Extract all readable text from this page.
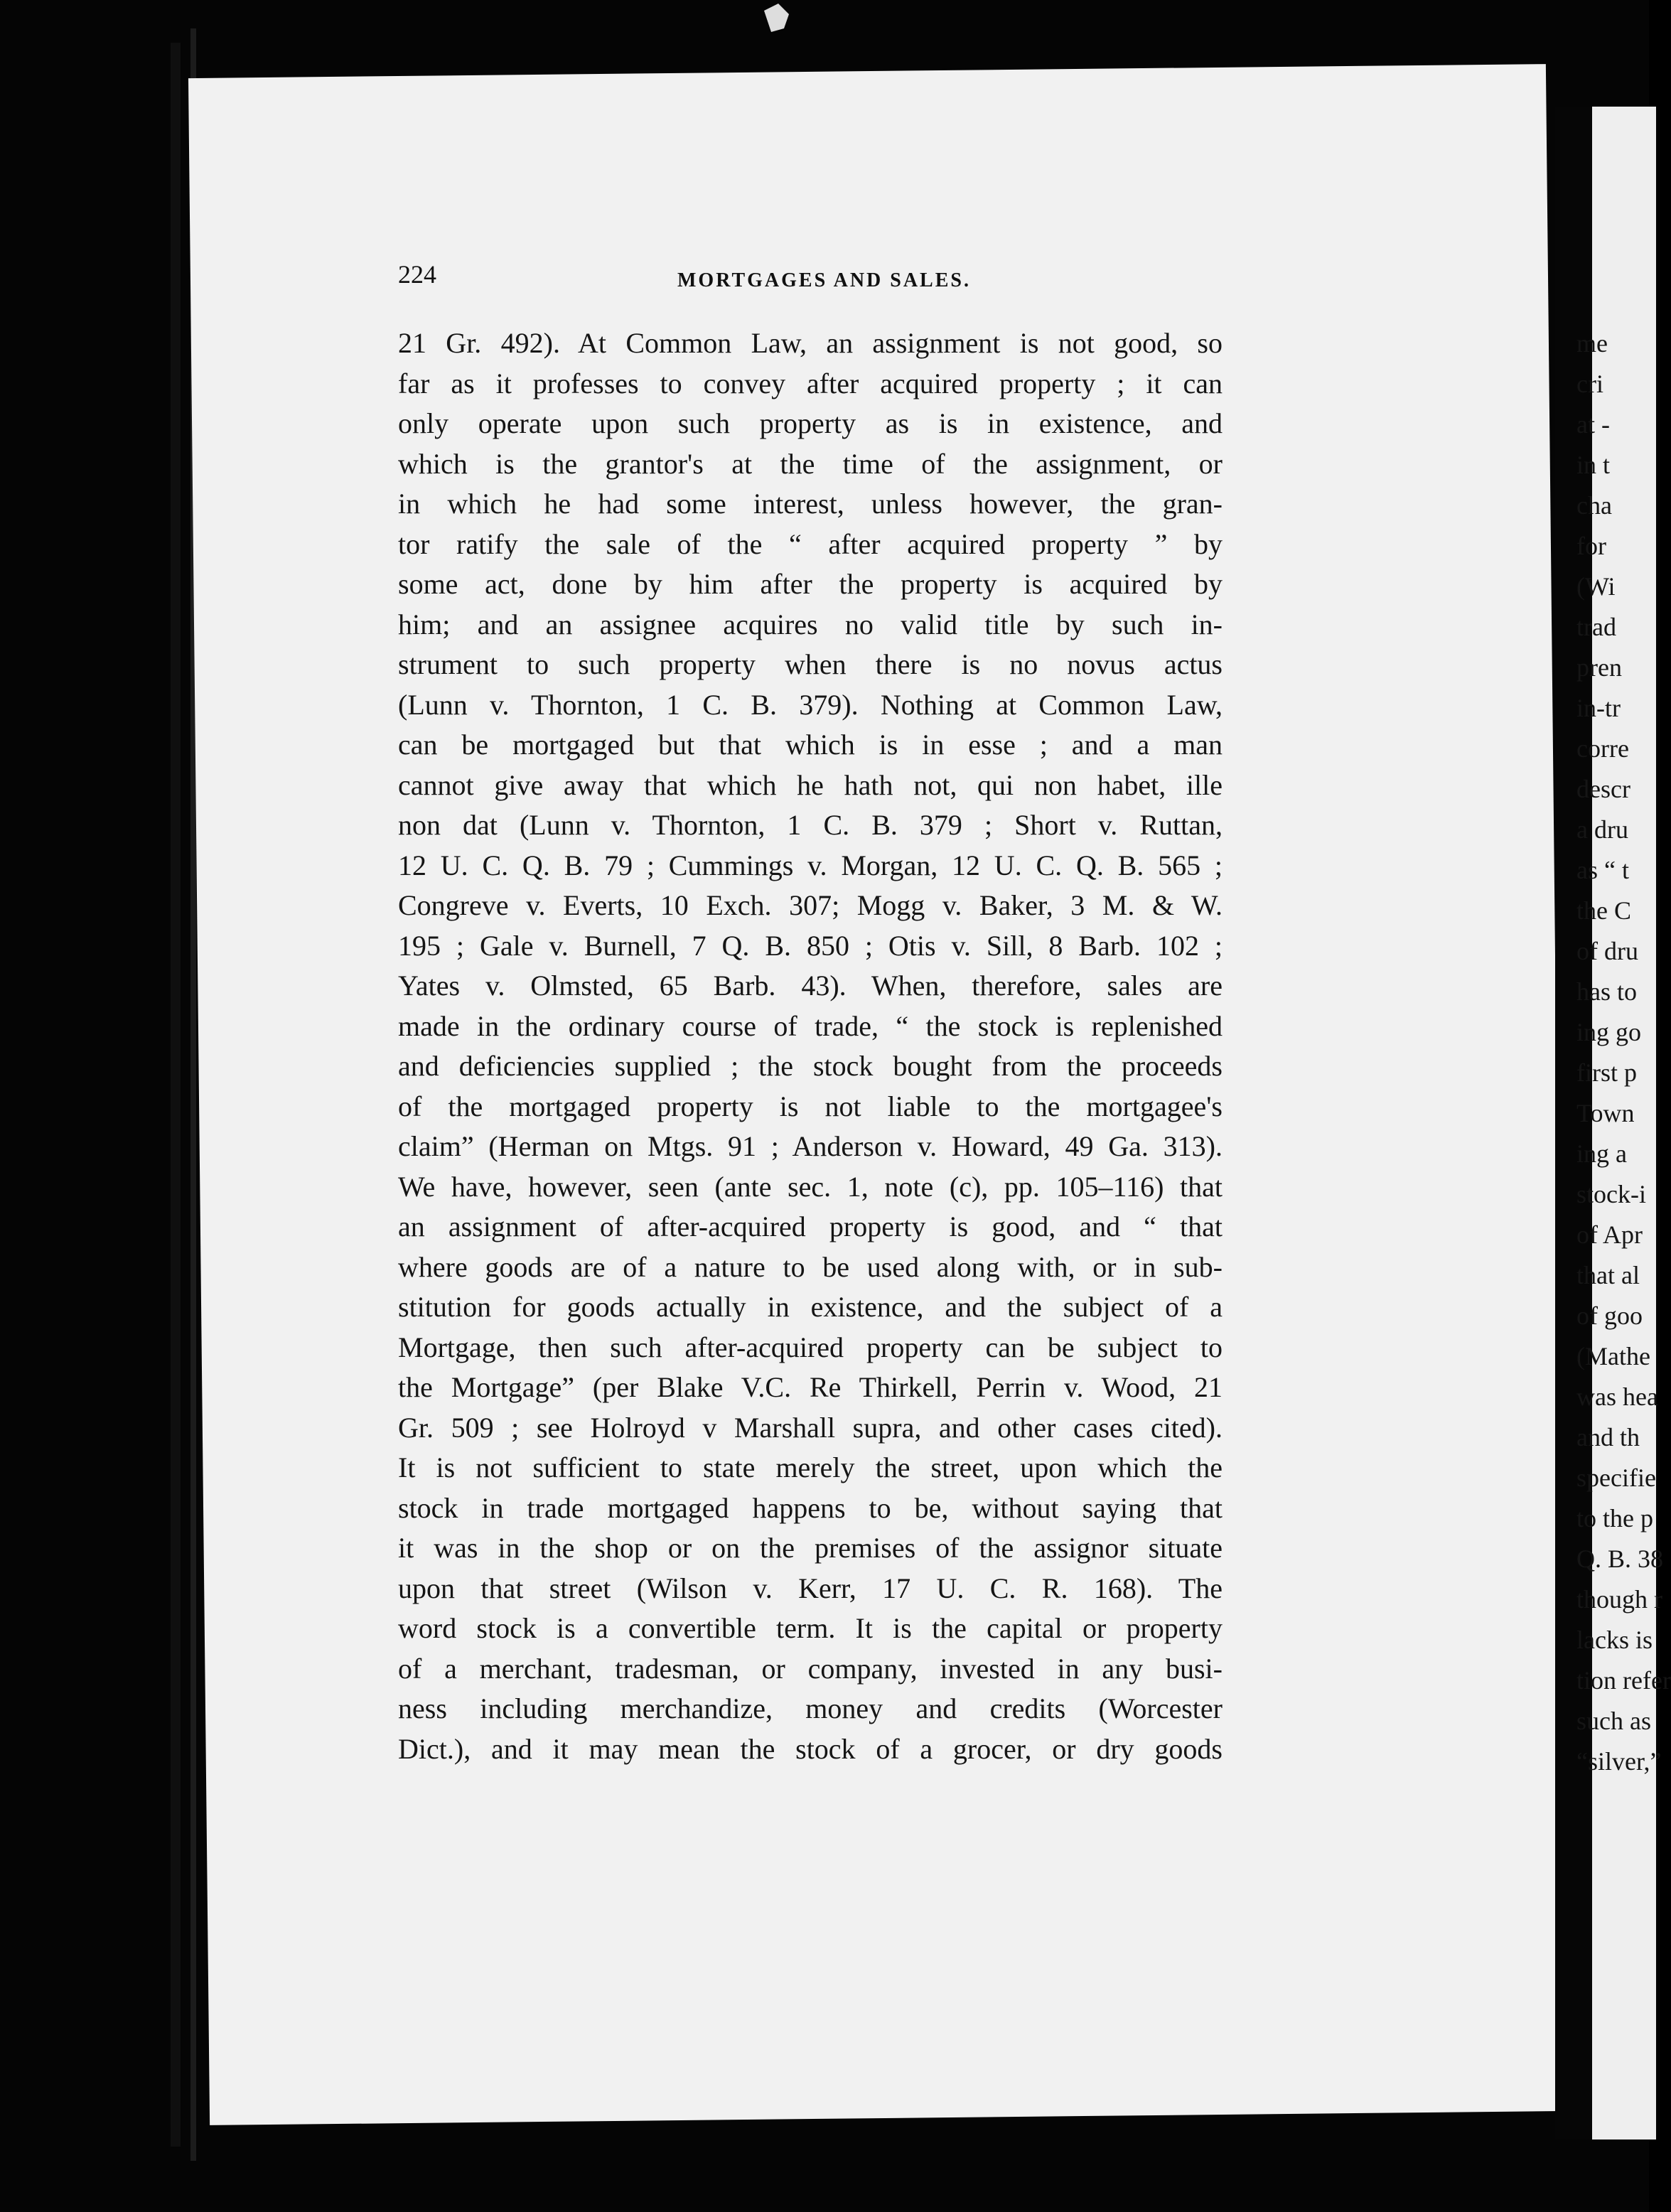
224	MORTGAGES AND SALES.
21 Gr. 492). At Common Law, an assignment is not good, so
far as it professes to convey after acquired property ; it can
only operate upon such property as is in existence, and
which is the grantor's at the time of the assignment, or
in which he had some interest, unless however, the gran-
tor ratify the sale of the “ after acquired property ” by
some act, done by him after the property is acquired by
him; and an assignee acquires no valid title by such in-
strument to such property when there is no novus actus
(Lunn v. Thornton, 1 C. B. 379). Nothing at Common Law,
can be mortgaged but that which is in esse ; and a man
cannot give away that which he hath not, qui non habet, ille
non dat (Lunn v. Thornton, 1 C. B. 379 ; Short v. Ruttan,
12 U. C. Q. B. 79 ; Cummings v. Morgan, 12 U. C. Q. B. 565 ;
Congreve v. Everts, 10 Exch. 307; Mogg v. Baker, 3 M. & W.
195 ; Gale v. Burnell, 7 Q. B. 850 ; Otis v. Sill, 8 Barb. 102 ;
Yates v. Olmsted, 65 Barb. 43). When, therefore, sales are
made in the ordinary course of trade, “ the stock is replenished
and deficiencies supplied ; the stock bought from the proceeds
of the mortgaged property is not liable to the mortgagee's
claim” (Herman on Mtgs. 91 ; Anderson v. Howard, 49 Ga. 313).
We have, however, seen (ante sec. 1, note (c), pp. 105–116) that
an assignment of after-acquired property is good, and “ that
where goods are of a nature to be used along with, or in sub-
stitution for goods actually in existence, and the subject of a
Mortgage, then such after-acquired property can be subject to
the Mortgage” (per Blake V.C. Re Thirkell, Perrin v. Wood, 21
Gr. 509 ; see Holroyd v Marshall supra, and other cases cited).
It is not sufficient to state merely the street, upon which the
stock in trade mortgaged happens to be, without saying that
it was in the shop or on the premises of the assignor situate
upon that street (Wilson v. Kerr, 17 U. C. R. 168). The
word stock is a convertible term. It is the capital or property
of a merchant, tradesman, or company, invested in any busi-
ness including merchandize, money and credits (Worcester
Dict.), and it may mean the stock of a grocer, or dry goods
me
cri
at -
in t
cha
for
(Wi
trad
pren
in-tr
corre
descr
a dru
as “ t
the C
of dru
has to
ing go
first p
Town
ing a
stock-i
of Apr
that al
of goo
(Mathe
was hea
and th
specifie
to the p
Q. B. 38
though r
lacks is
tion refer
such as
“silver,”
